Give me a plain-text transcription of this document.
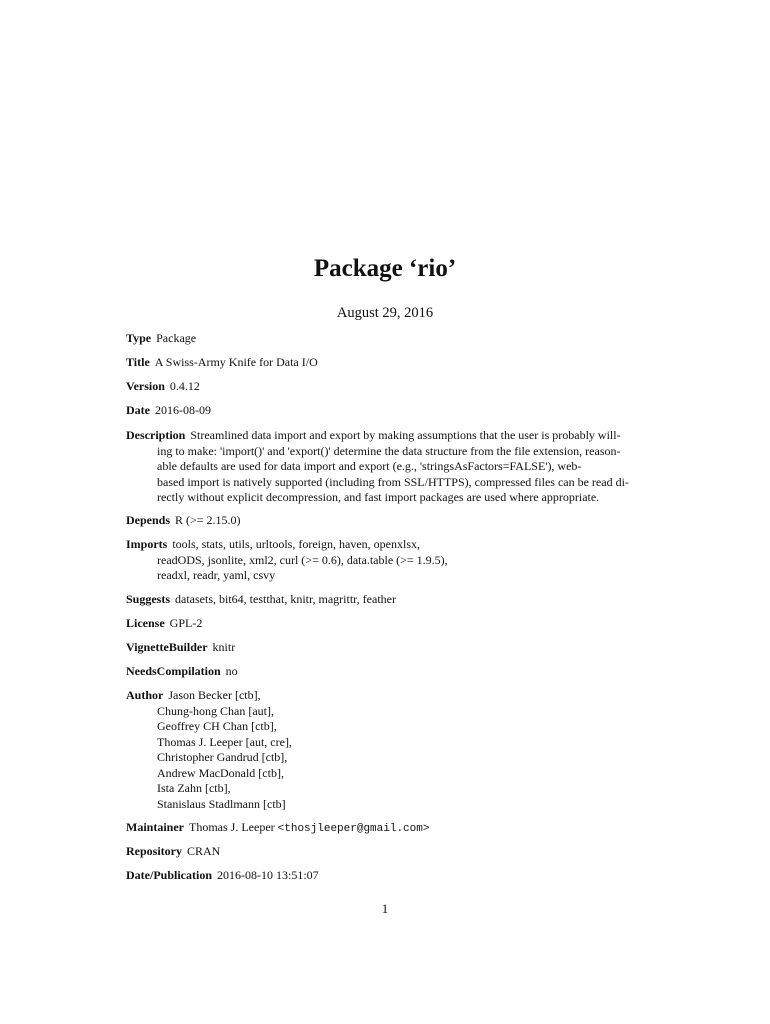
Package ‘rio’
August 29, 2016
Type Package
Title A Swiss-Army Knife for Data I/O
Version 0.4.12
Date 2016-08-09
Description Streamlined data import and export by making assumptions that the user is probably will-
ing to make: 'import()' and 'export()' determine the data structure from the file extension, reason-
able defaults are used for data import and export (e.g., 'stringsAsFactors=FALSE'), web-
based import is natively supported (including from SSL/HTTPS), compressed files can be read di-
rectly without explicit decompression, and fast import packages are used where appropriate.
Depends R (>= 2.15.0)
Imports tools, stats, utils, urltools, foreign, haven, openxlsx,
readODS, jsonlite, xml2, curl (>= 0.6), data.table (>= 1.9.5),
readxl, readr, yaml, csvy
Suggests datasets, bit64, testthat, knitr, magrittr, feather
License GPL-2
VignetteBuilder knitr
NeedsCompilation no
Author Jason Becker [ctb],
Chung-hong Chan [aut],
Geoffrey CH Chan [ctb],
Thomas J. Leeper [aut, cre],
Christopher Gandrud [ctb],
Andrew MacDonald [ctb],
Ista Zahn [ctb],
Stanislaus Stadlmann [ctb]
Maintainer Thomas J. Leeper <thosjleeper@gmail.com>
Repository CRAN
Date/Publication 2016-08-10 13:51:07
1
